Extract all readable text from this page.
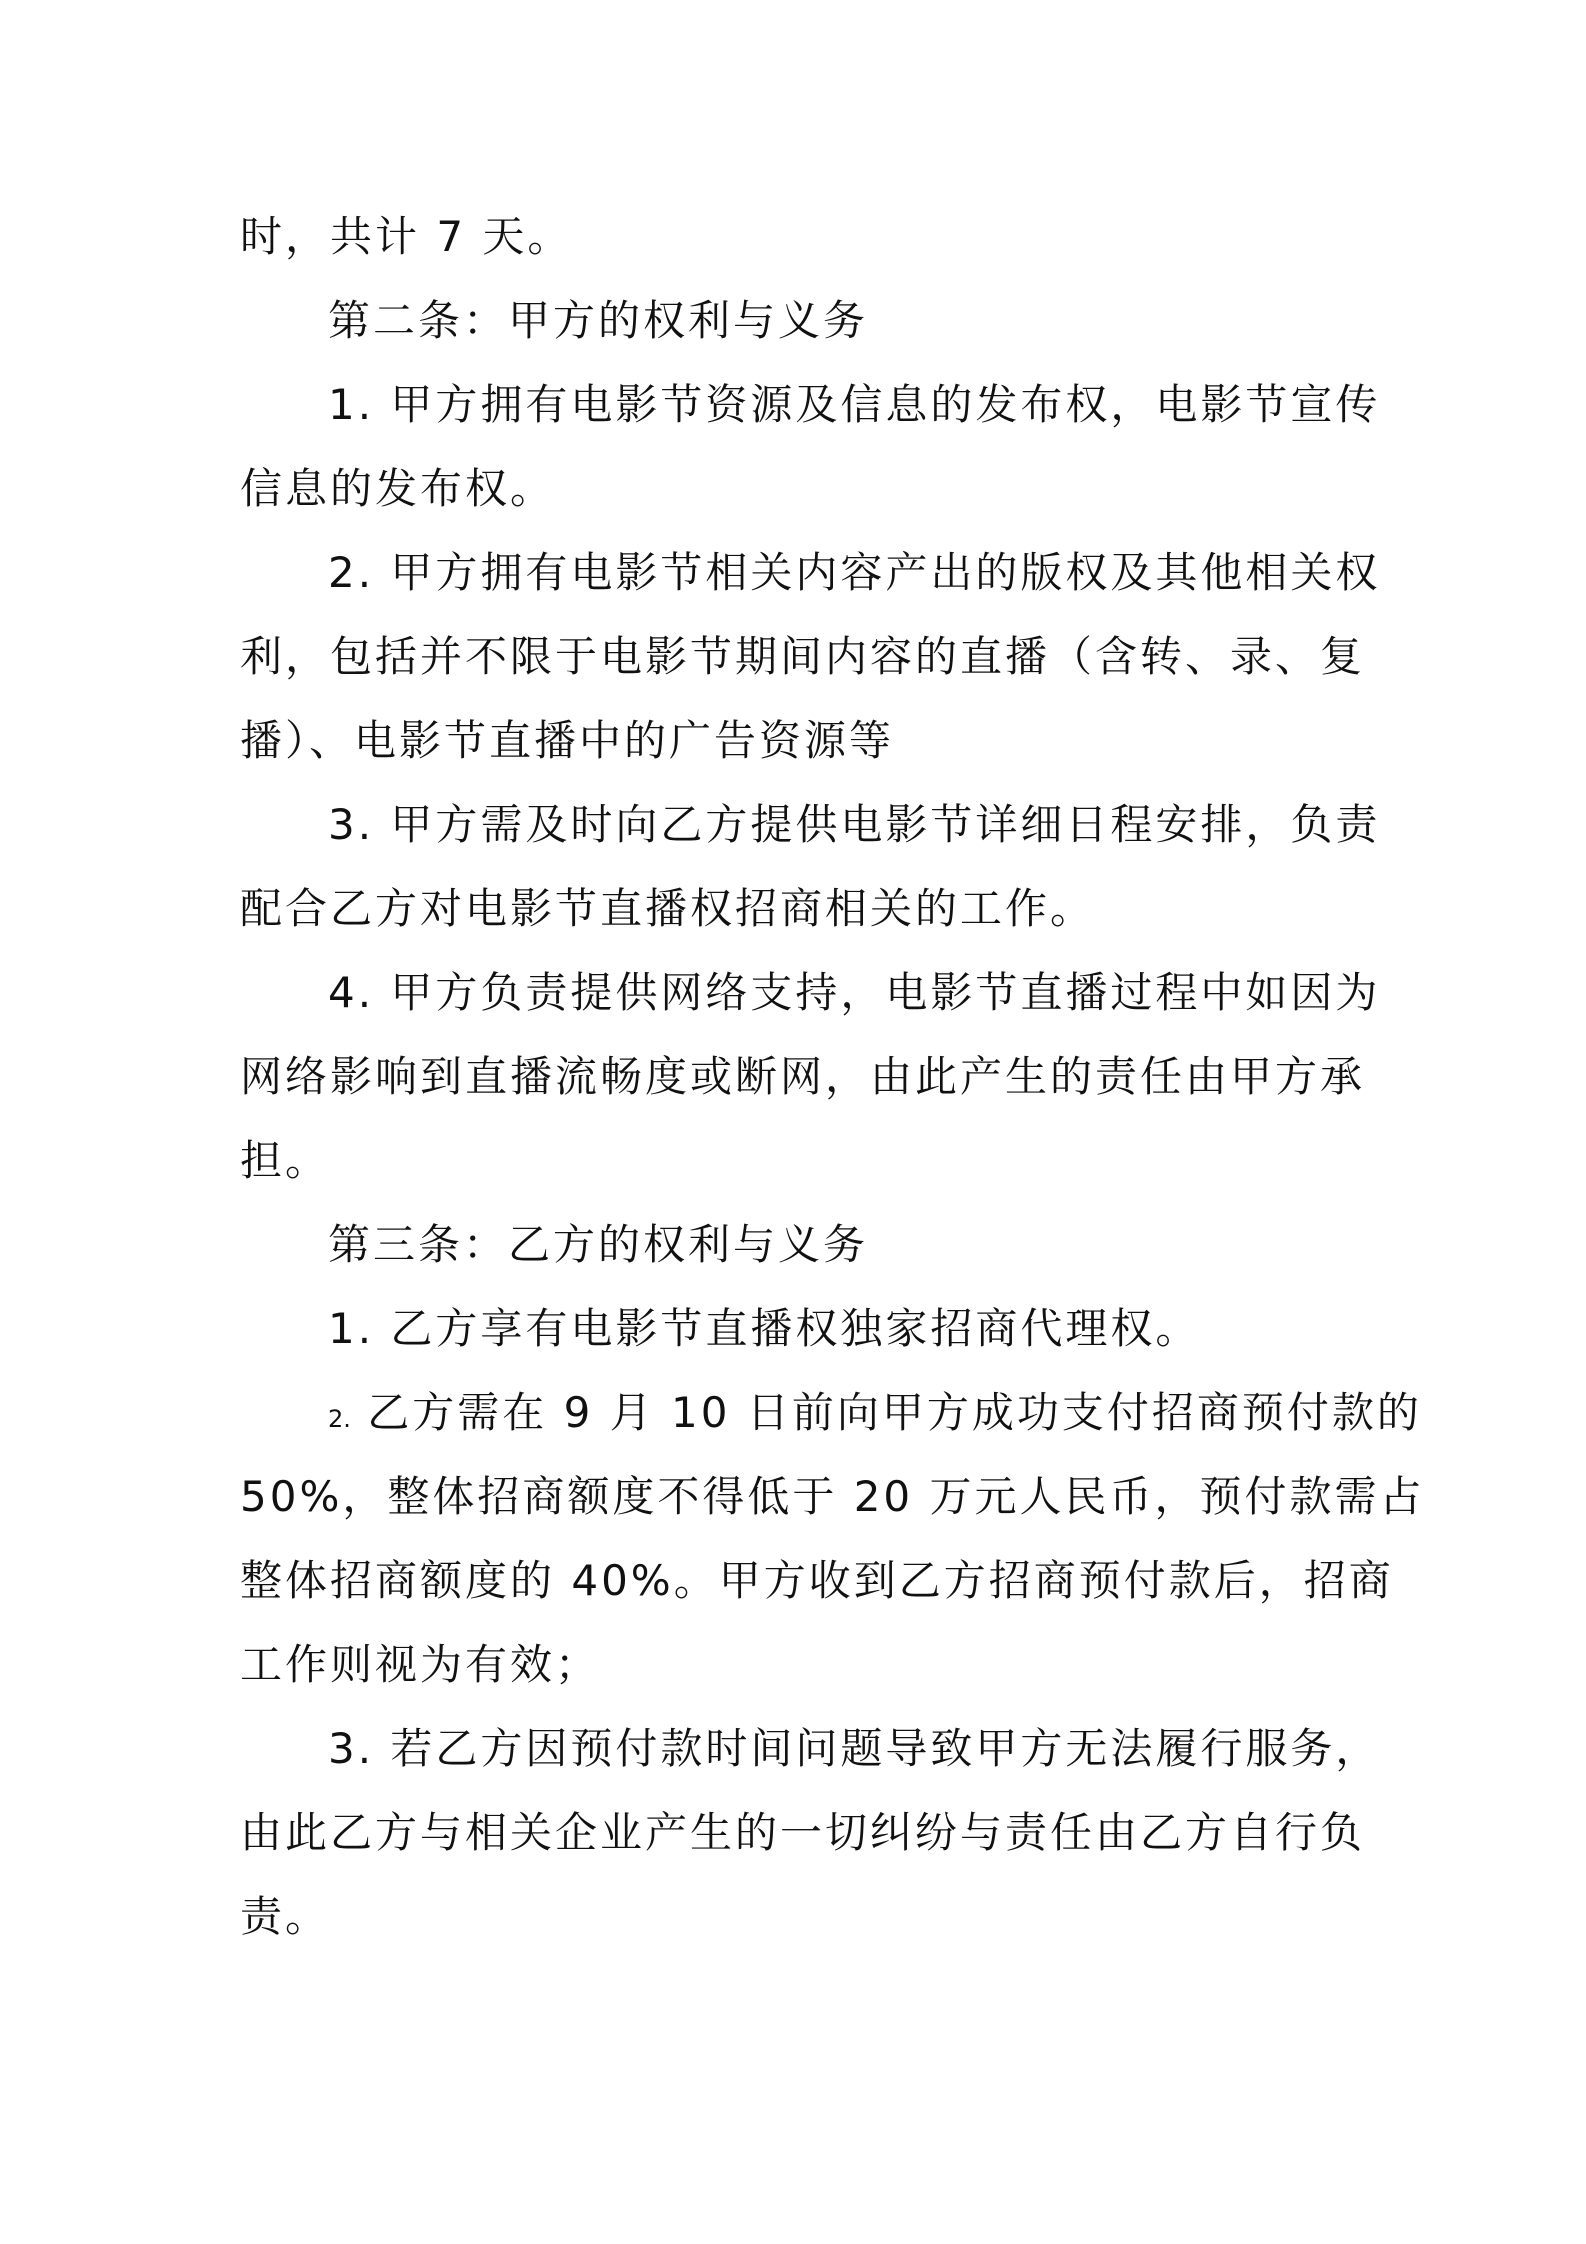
时，共计 7 天。
第二条：甲方的权利与义务
1. 甲方拥有电影节资源及信息的发布权，电影节宣传
信息的发布权。
2. 甲方拥有电影节相关内容产出的版权及其他相关权
利，包括并不限于电影节期间内容的直播（含转、录、复
播）、电影节直播中的广告资源等
3. 甲方需及时向乙方提供电影节详细日程安排，负责
配合乙方对电影节直播权招商相关的工作。
4. 甲方负责提供网络支持，电影节直播过程中如因为
网络影响到直播流畅度或断网，由此产生的责任由甲方承
担。
第三条：乙方的权利与义务
1. 乙方享有电影节直播权独家招商代理权。
2. 乙方需在 9 月 10 日前向甲方成功支付招商预付款的
50%，整体招商额度不得低于 20 万元人民币，预付款需占
整体招商额度的 40%。甲方收到乙方招商预付款后，招商
工作则视为有效；
3. 若乙方因预付款时间问题导致甲方无法履行服务，
由此乙方与相关企业产生的一切纠纷与责任由乙方自行负
责。
